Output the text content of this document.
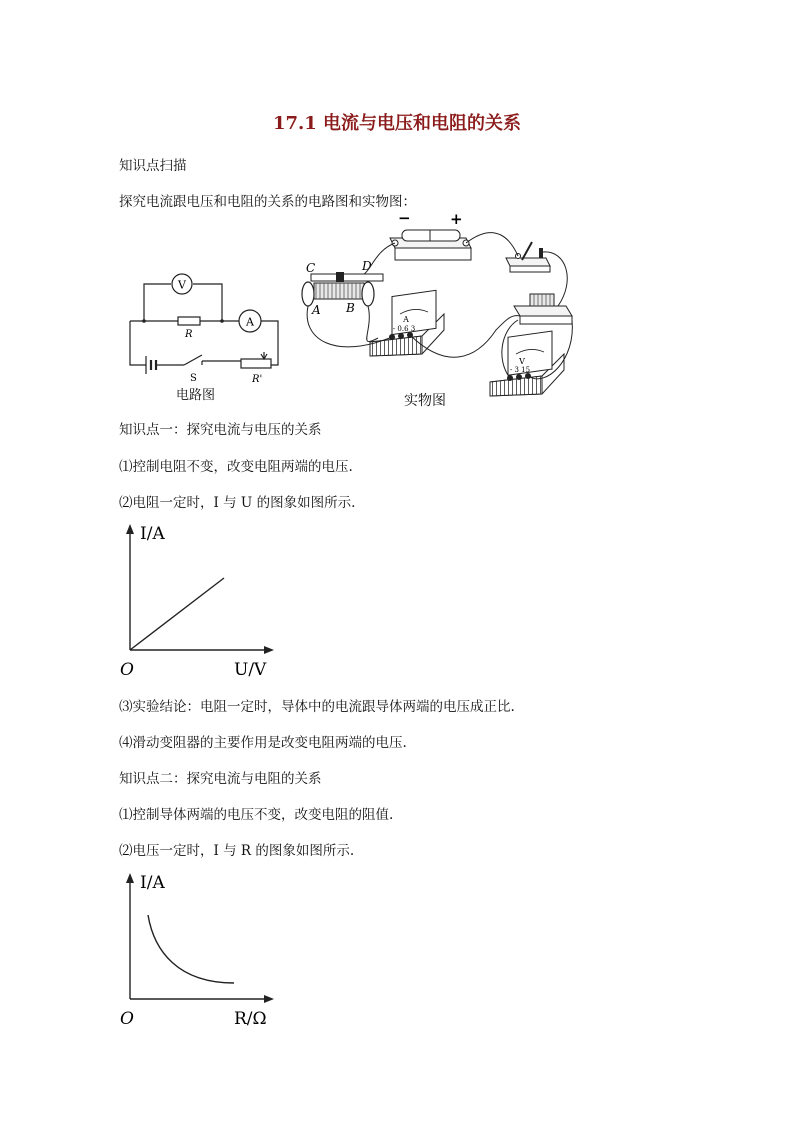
17.1 电流与电压和电阻的关系
知识点扫描
探究电流跟电压和电阻的关系的电路图和实物图：
V
R
A
S	R'
电路图
−	+
C	D
A B
A
- 0.6 3
V
- 3 15
实物图
知识点一：探究电流与电压的关系
⑴控制电阻不变，改变电阻两端的电压.
⑵电阻一定时，I 与 U 的图象如图所示.
I/A
O	U/V
⑶实验结论：电阻一定时，导体中的电流跟导体两端的电压成正比.
⑷滑动变阻器的主要作用是改变电阻两端的电压.
知识点二：探究电流与电阻的关系
⑴控制导体两端的电压不变，改变电阻的阻值.
⑵电压一定时，I 与 R 的图象如图所示.
I/A
O	R/Ω
